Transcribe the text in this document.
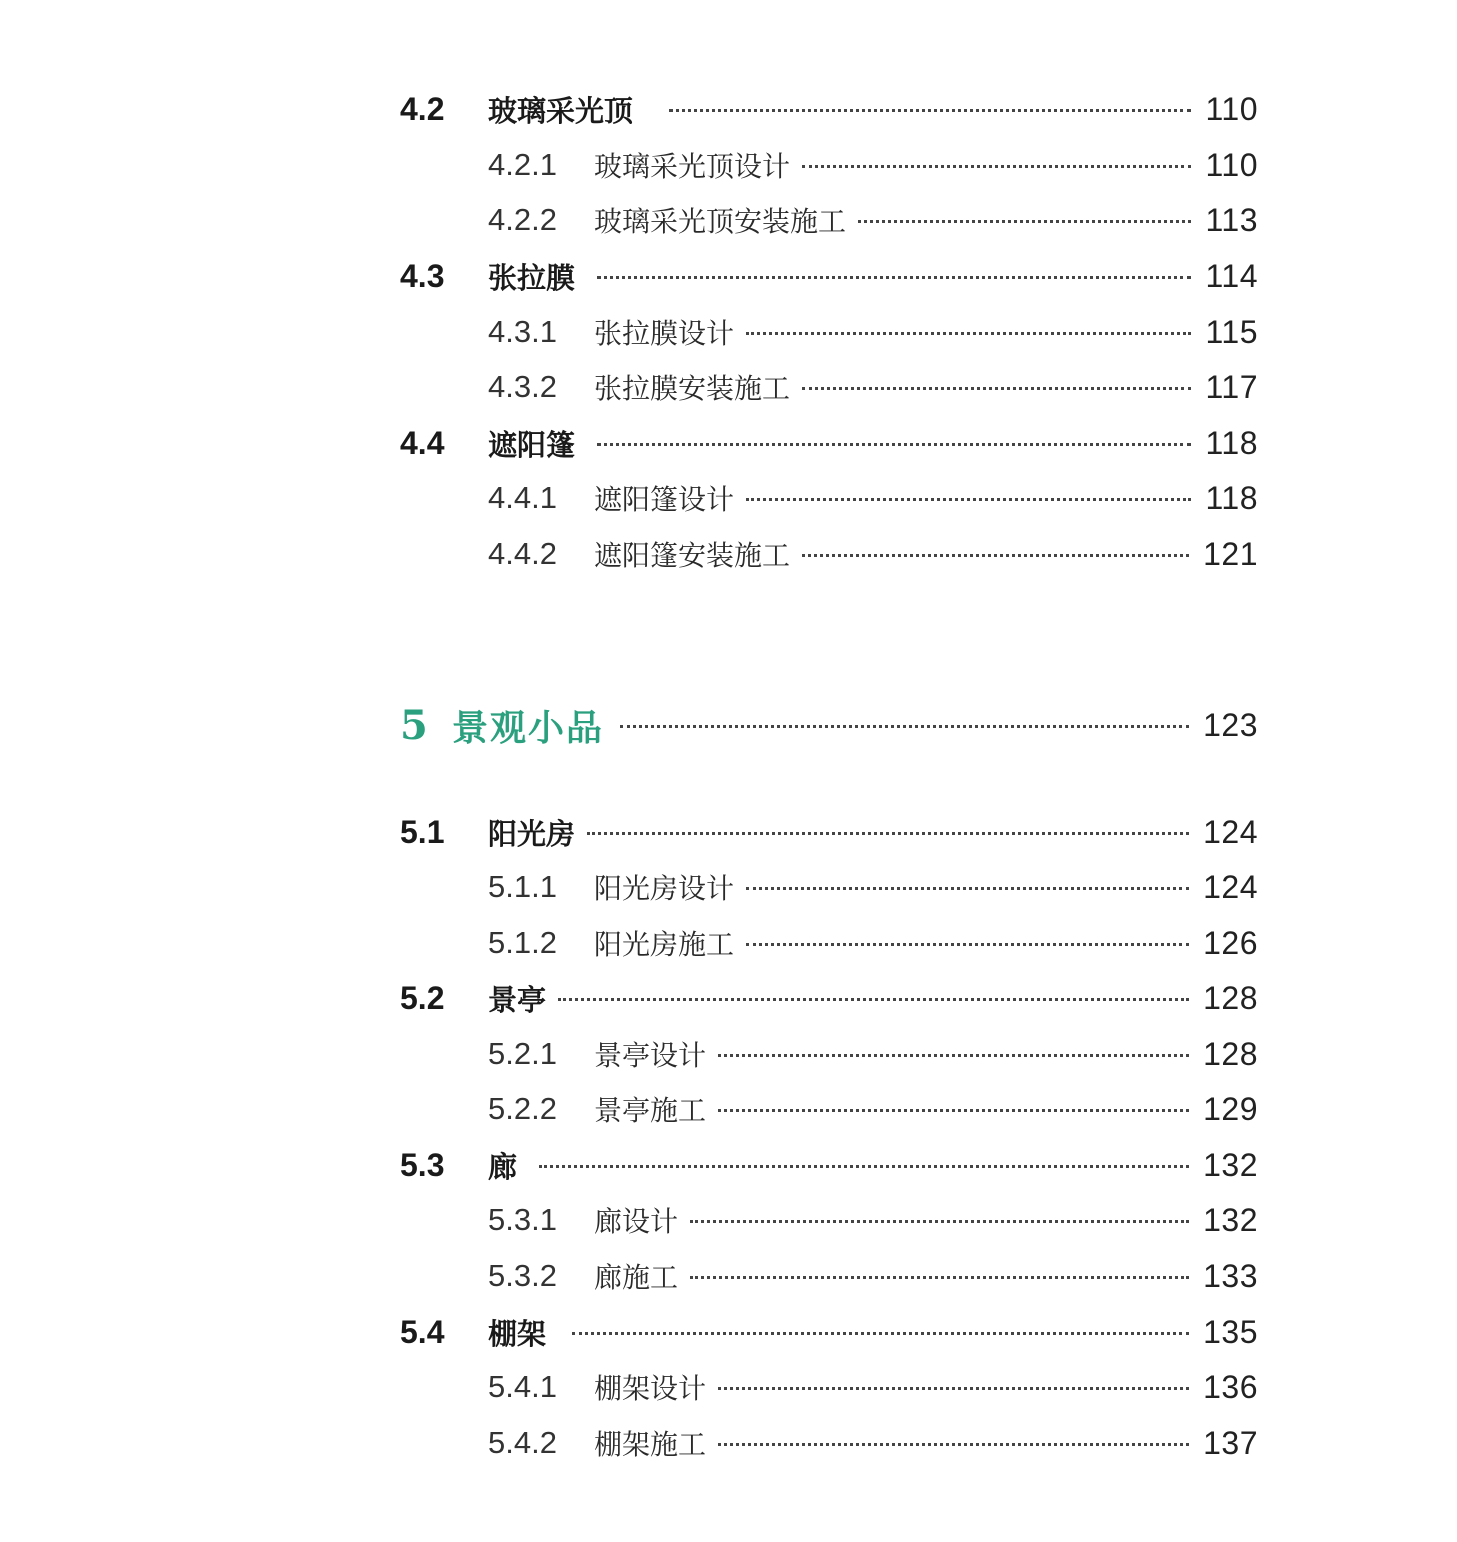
4.2	玻璃采光顶	110
4.2.1	玻璃采光顶设计	110
4.2.2	玻璃采光顶安装施工	113
4.3	张拉膜	114
4.3.1	张拉膜设计	115
4.3.2	张拉膜安装施工	117
4.4	遮阳篷	118
4.4.1	遮阳篷设计	118
4.4.2	遮阳篷安装施工	121
5 景观小品	123
5.1	阳光房	124
5.1.1	阳光房设计	124
5.1.2	阳光房施工	126
5.2	景亭	128
5.2.1	景亭设计	128
5.2.2	景亭施工	129
5.3	廊	132
5.3.1	廊设计	132
5.3.2	廊施工	133
5.4	棚架	135
5.4.1	棚架设计	136
5.4.2	棚架施工	137
